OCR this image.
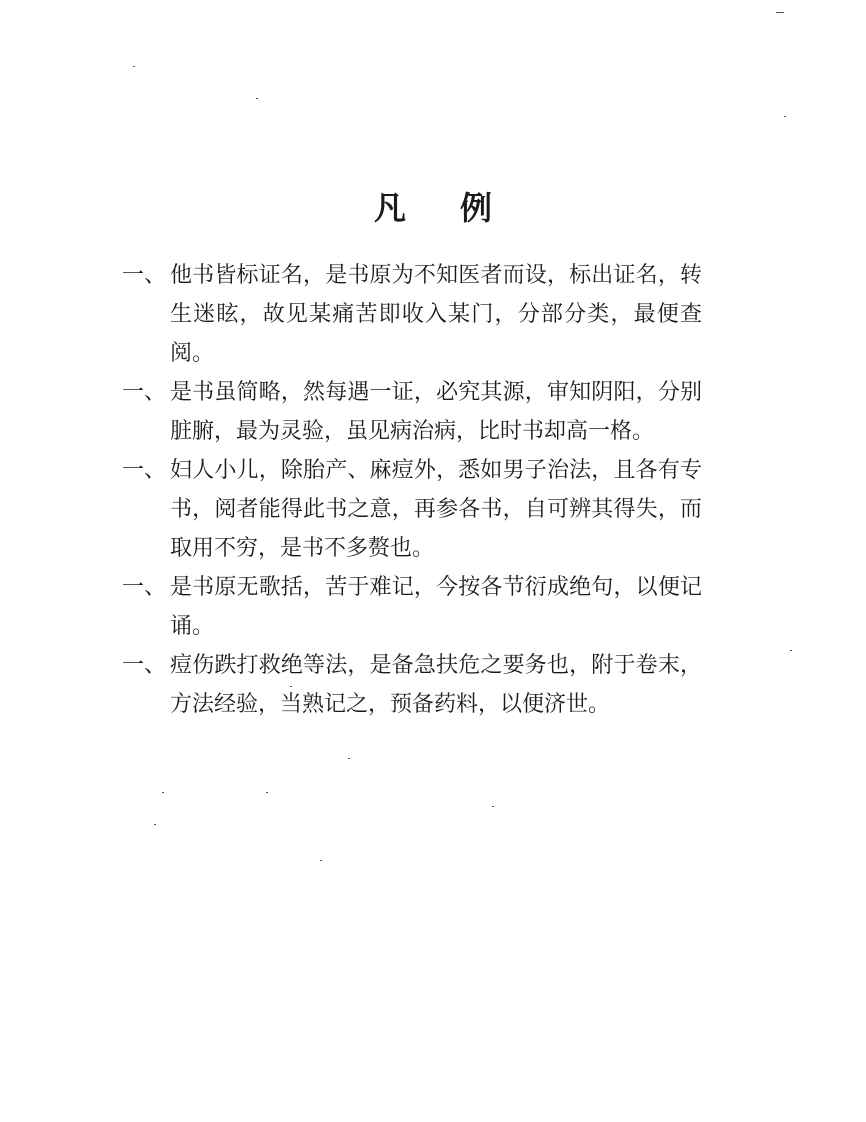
凡 例
一、 他书皆标证名，是书原为不知医者而设，标出证名，转生迷眩，故见某痛苦即收入某门，分部分类，最便查阅。
一、 是书虽简略，然每遇一证，必究其源，审知阴阳，分别脏腑，最为灵验，虽见病治病，比时书却高一格。
一、 妇人小儿，除胎产、麻痘外，悉如男子治法，且各有专书，阅者能得此书之意，再参各书，自可辨其得失，而取用不穷，是书不多赘也。
一、 是书原无歌括，苦于难记，今按各节衍成绝句，以便记诵。
一、 痘伤跌打救绝等法，是备急扶危之要务也，附于卷末，方法经验，当熟记之，预备药料，以便济世。
